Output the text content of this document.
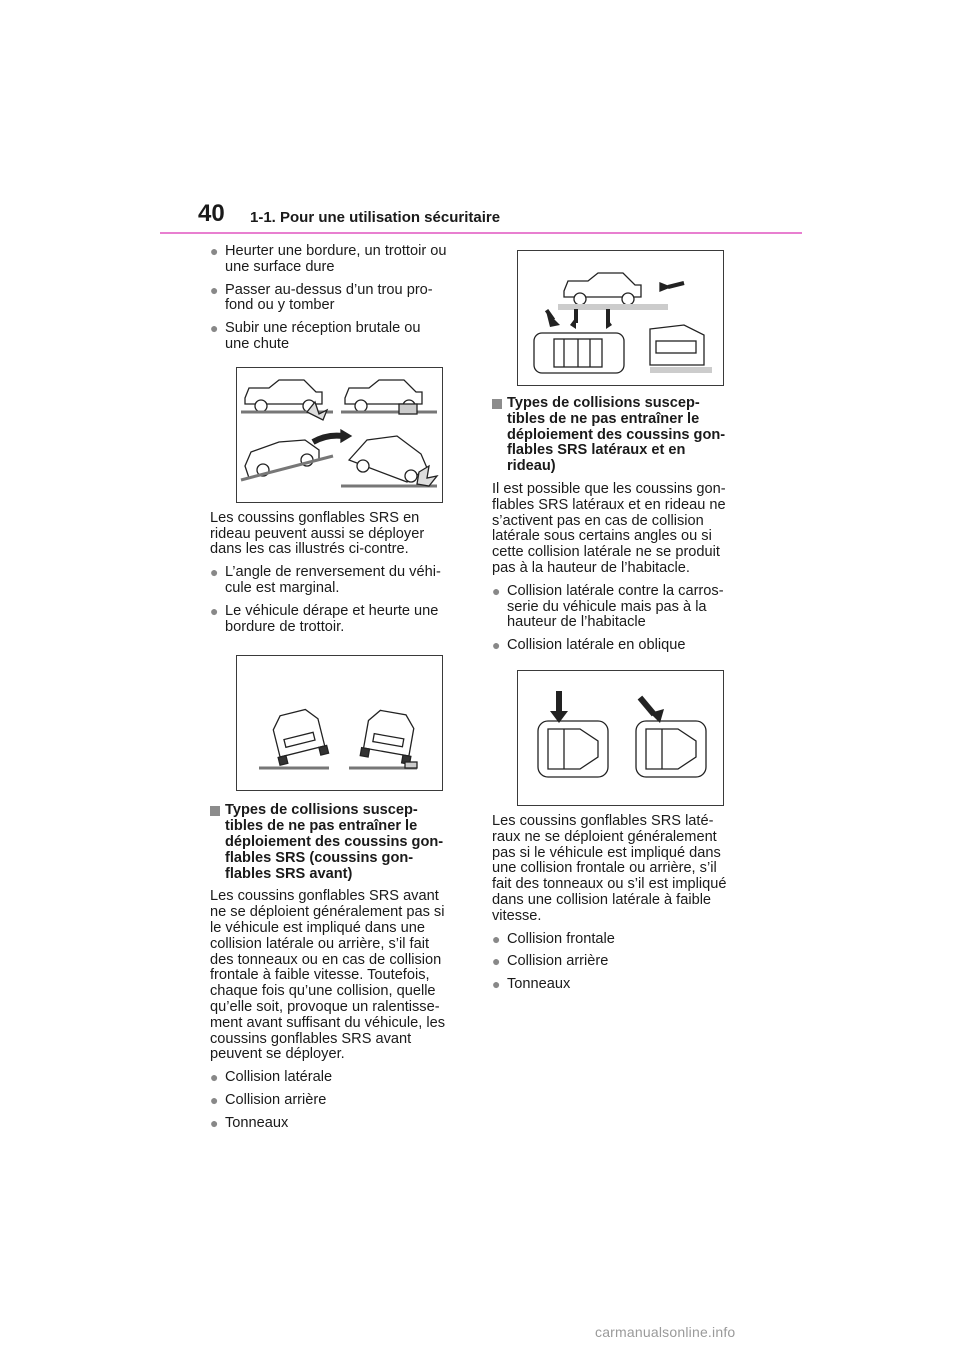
40 1-1. Pour une utilisation sécuritaire
● Heurter une bordure, un trottoir ou
une surface dure
● Passer au-dessus d’un trou pro-
fond ou y tomber
● Subir une réception brutale ou
une chute
Les coussins gonflables SRS en
rideau peuvent aussi se déployer
dans les cas illustrés ci-contre.
● L’angle de renversement du véhi-
cule est marginal.
● Le véhicule dérape et heurte une
bordure de trottoir.
Types de collisions suscep-
tibles de ne pas entraîner le
déploiement des coussins gon-
flables SRS (coussins gon-
flables SRS avant)
Les coussins gonflables SRS avant
ne se déploient généralement pas si
le véhicule est impliqué dans une
collision latérale ou arrière, s’il fait
des tonneaux ou en cas de collision
frontale à faible vitesse. Toutefois,
chaque fois qu’une collision, quelle
qu’elle soit, provoque un ralentisse-
ment avant suffisant du véhicule, les
coussins gonflables SRS avant
peuvent se déployer.
● Collision latérale
● Collision arrière
● Tonneaux
Types de collisions suscep-
tibles de ne pas entraîner le
déploiement des coussins gon-
flables SRS latéraux et en
rideau)
Il est possible que les coussins gon-
flables SRS latéraux et en rideau ne
s’activent pas en cas de collision
latérale sous certains angles ou si
cette collision latérale ne se produit
pas à la hauteur de l’habitacle.
● Collision latérale contre la carros-
serie du véhicule mais pas à la
hauteur de l’habitacle
● Collision latérale en oblique
Les coussins gonflables SRS laté-
raux ne se déploient généralement
pas si le véhicule est impliqué dans
une collision frontale ou arrière, s’il
fait des tonneaux ou s’il est impliqué
dans une collision latérale à faible
vitesse.
● Collision frontale
● Collision arrière
● Tonneaux
carmanualsonline.info
